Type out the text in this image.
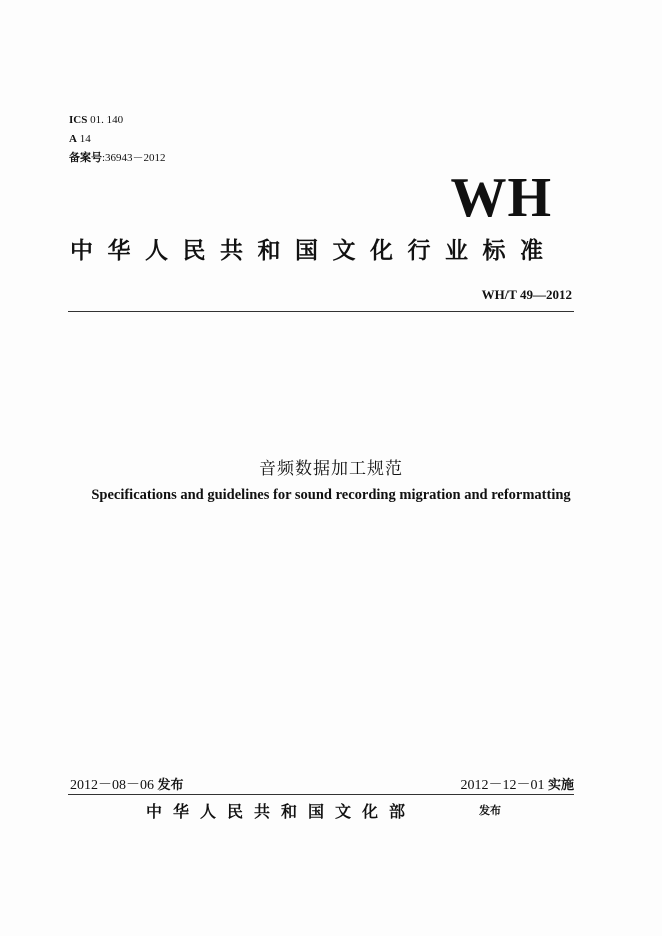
ICS 01. 140
A 14
备案号:36943－2012
WH
中华人民共和国文化行业标准
WH/T 49—2012
音频数据加工规范
Specifications and guidelines for sound recording migration and reformatting
2012－08－06 发布	2012－12－01 实施
中华人民共和国文化部	发布
